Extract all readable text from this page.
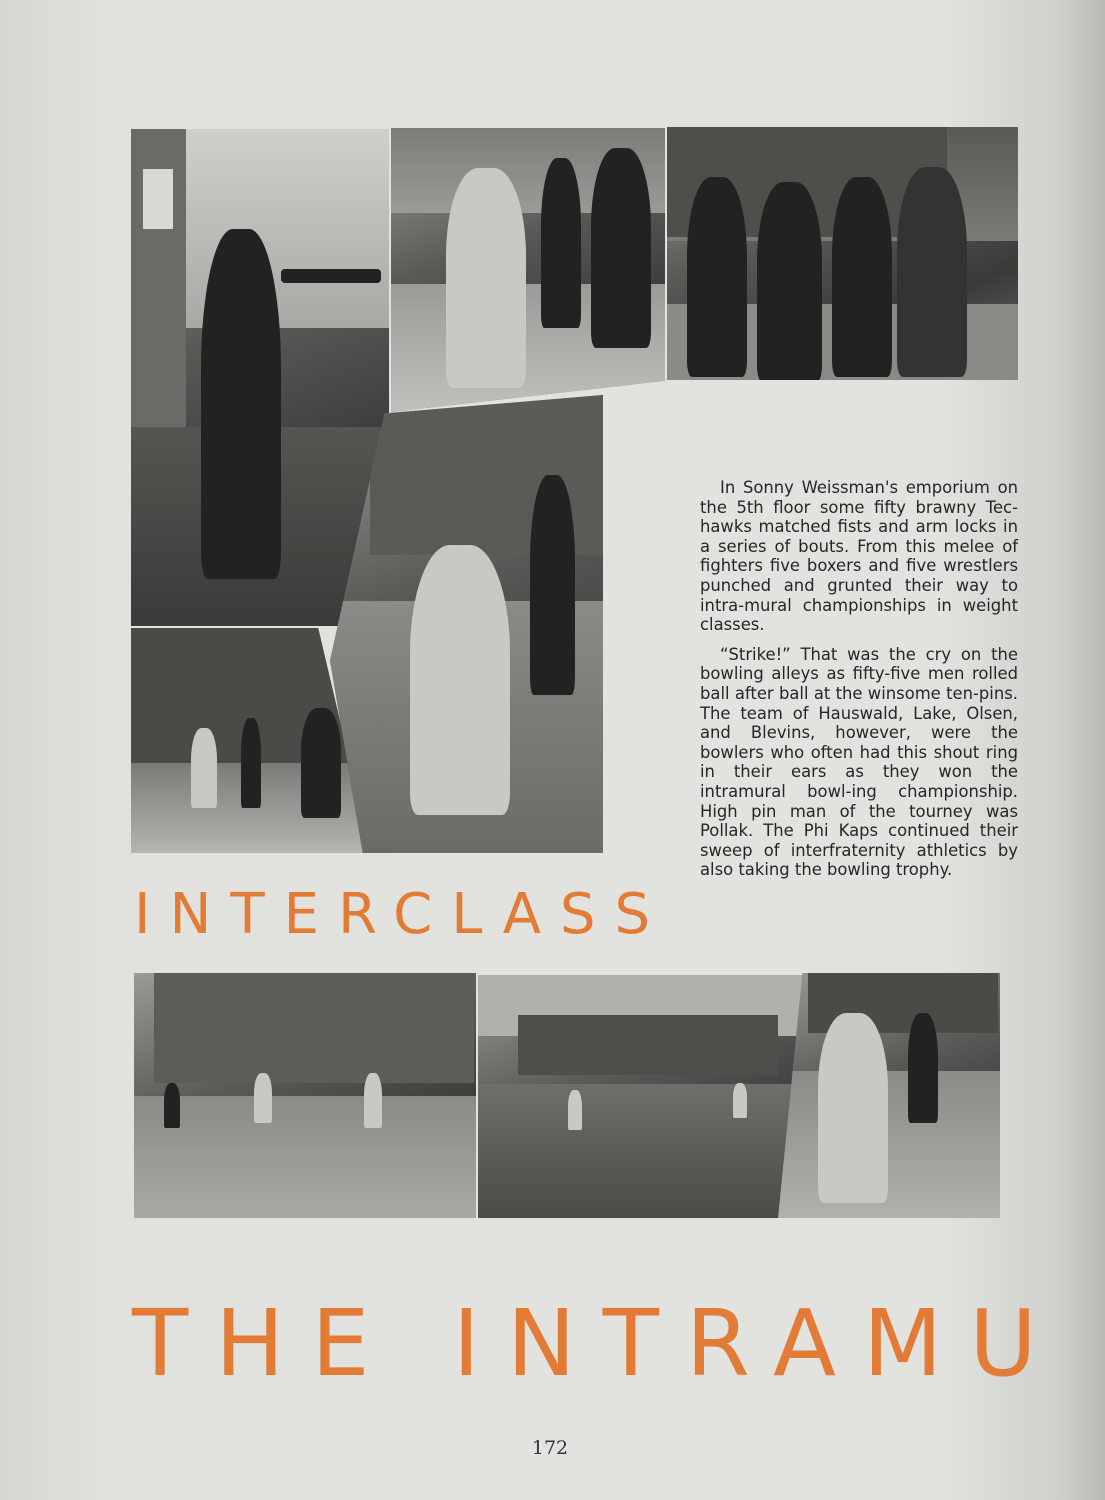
In Sonny Weissman's emporium on the 5th floor some fifty brawny Tec-hawks matched fists and arm locks in a series of bouts. From this melee of fighters five boxers and five wrestlers punched and grunted their way to intra-mural championships in weight classes.

“Strike!” That was the cry on the bowling alleys as fifty-five men rolled ball after ball at the winsome ten-pins. The team of Hauswald, Lake, Olsen, and Blevins, however, were the bowlers who often had this shout ring in their ears as they won the intramural bowl-ing championship. High pin man of the tourney was Pollak. The Phi Kaps continued their sweep of interfraternity athletics by also taking the bowling trophy.

INTERCLASS
THE INTRAMU
172
